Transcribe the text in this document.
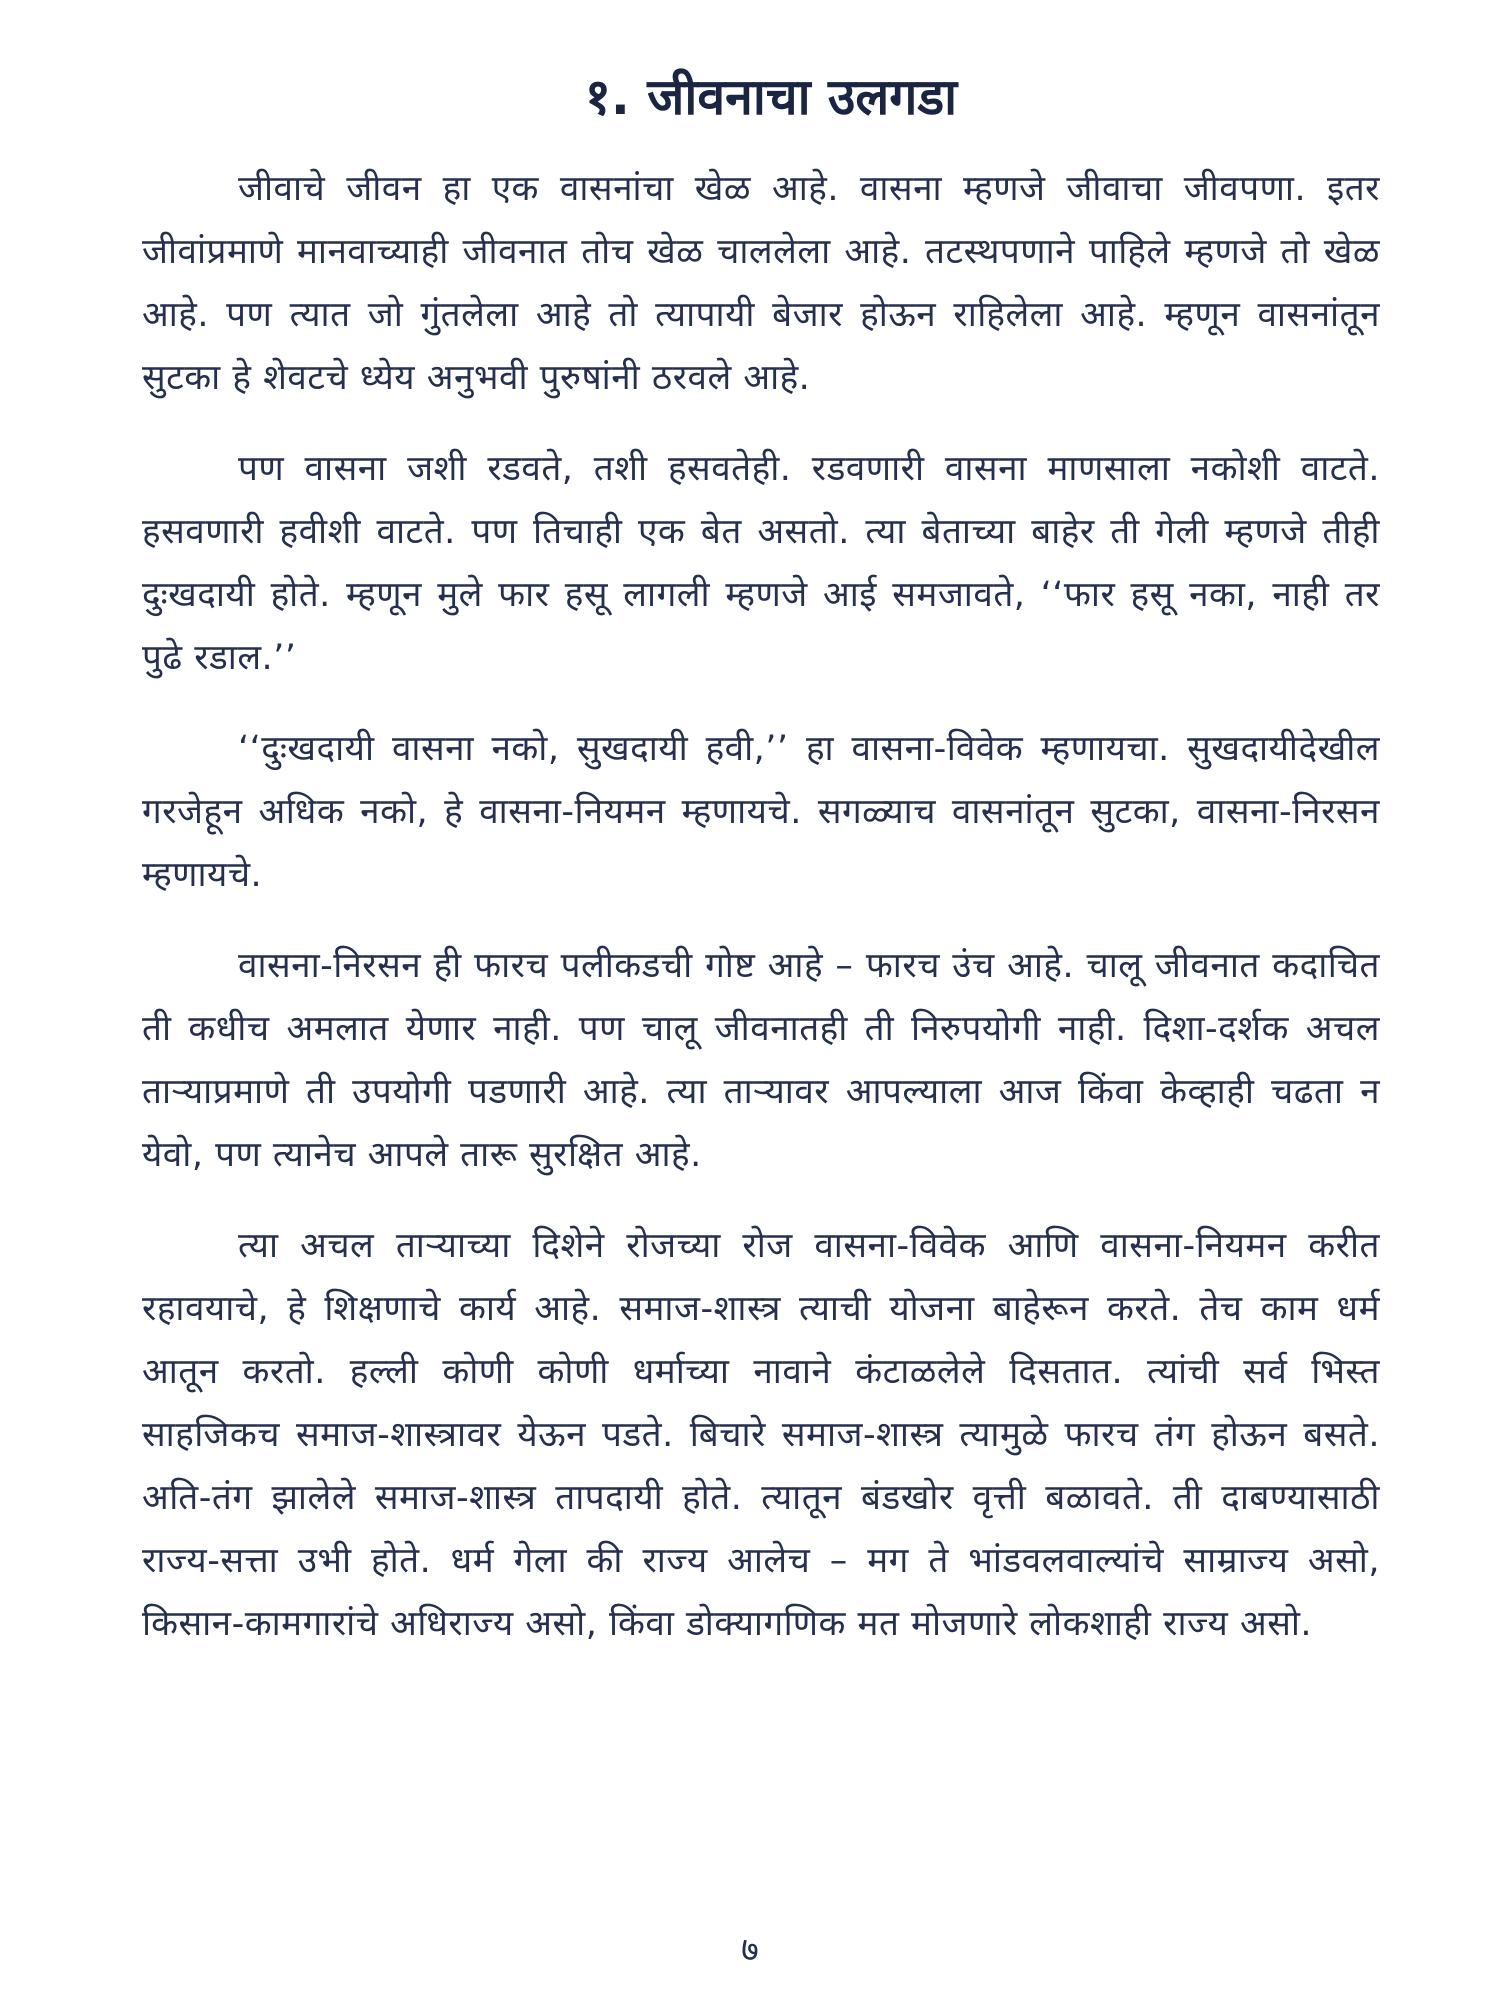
१. जीवनाचा उलगडा

जीवाचे जीवन हा एक वासनांचा खेळ आहे. वासना म्हणजे जीवाचा जीवपणा. इतर जीवांप्रमाणे मानवाच्याही जीवनात तोच खेळ चाललेला आहे. तटस्थपणाने पाहिले म्हणजे तो खेळ आहे. पण त्यात जो गुंतलेला आहे तो त्यापायी बेजार होऊन राहिलेला आहे. म्हणून वासनांतून सुटका हे शेवटचे ध्येय अनुभवी पुरुषांनी ठरवले आहे.

पण वासना जशी रडवते, तशी हसवतेही. रडवणारी वासना माणसाला नकोशी वाटते. हसवणारी हवीशी वाटते. पण तिचाही एक बेत असतो. त्या बेताच्या बाहेर ती गेली म्हणजे तीही दुःखदायी होते. म्हणून मुले फार हसू लागली म्हणजे आई समजावते, ‘‘फार हसू नका, नाही तर पुढे रडाल.’’

‘‘दुःखदायी वासना नको, सुखदायी हवी,’’ हा वासना-विवेक म्हणायचा. सुखदायीदेखील गरजेहून अधिक नको, हे वासना-नियमन म्हणायचे. सगळ्याच वासनांतून सुटका, वासना-निरसन म्हणायचे.

वासना-निरसन ही फारच पलीकडची गोष्ट आहे – फारच उंच आहे. चालू जीवनात कदाचित ती कधीच अमलात येणार नाही. पण चालू जीवनातही ती निरुपयोगी नाही. दिशा-दर्शक अचल ताऱ्याप्रमाणे ती उपयोगी पडणारी आहे. त्या ताऱ्यावर आपल्याला आज किंवा केव्हाही चढता न येवो, पण त्यानेच आपले तारू सुरक्षित आहे.

त्या अचल ताऱ्याच्या दिशेने रोजच्या रोज वासना-विवेक आणि वासना-नियमन करीत रहावयाचे, हे शिक्षणाचे कार्य आहे. समाज-शास्त्र त्याची योजना बाहेरून करते. तेच काम धर्म आतून करतो. हल्ली कोणी कोणी धर्माच्या नावाने कंटाळलेले दिसतात. त्यांची सर्व भिस्त साहजिकच समाज-शास्त्रावर येऊन पडते. बिचारे समाज-शास्त्र त्यामुळे फारच तंग होऊन बसते. अति-तंग झालेले समाज-शास्त्र तापदायी होते. त्यातून बंडखोर वृत्ती बळावते. ती दाबण्यासाठी राज्य-सत्ता उभी होते. धर्म गेला की राज्य आलेच – मग ते भांडवलवाल्यांचे साम्राज्य असो, किसान-कामगारांचे अधिराज्य असो, किंवा डोक्यागणिक मत मोजणारे लोकशाही राज्य असो.

७
